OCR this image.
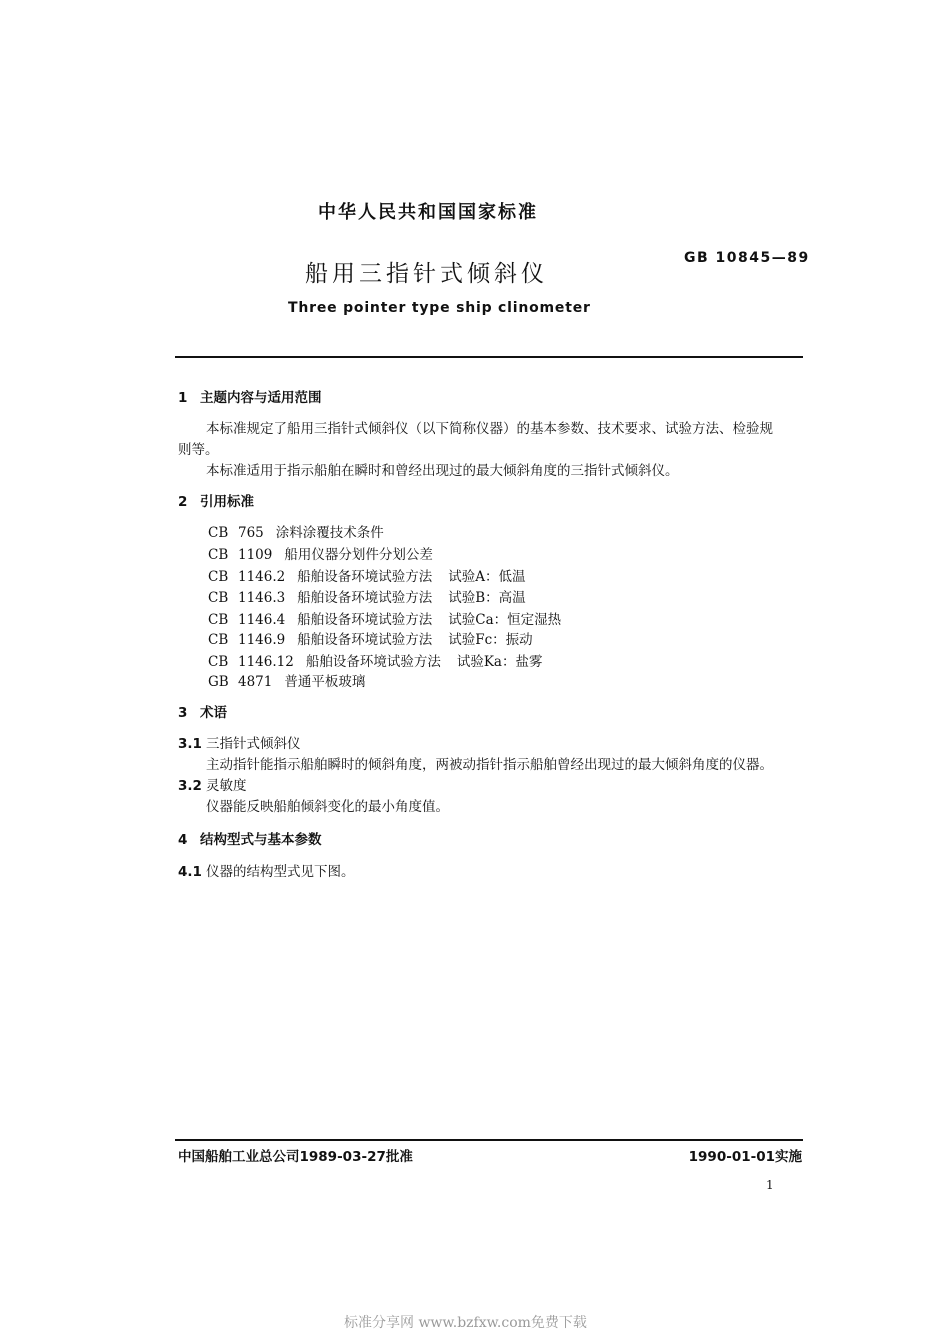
中华人民共和国国家标准
船用三指针式倾斜仪
GB 10845—89
Three pointer type ship clinometer
1 主题内容与适用范围
本标准规定了船用三指针式倾斜仪（以下简称仪器）的基本参数、技术要求、试验方法、检验规
则等。
本标准适用于指示船舶在瞬时和曾经出现过的最大倾斜角度的三指针式倾斜仪。
2 引用标准
CB 765 涂料涂覆技术条件
CB 1109 船用仪器分划件分划公差
CB 1146.2 船舶设备环境试验方法 试验A：低温
CB 1146.3 船舶设备环境试验方法 试验B：高温
CB 1146.4 船舶设备环境试验方法 试验Ca：恒定湿热
CB 1146.9 船舶设备环境试验方法 试验Fc：振动
CB 1146.12 船舶设备环境试验方法 试验Ka：盐雾
GB 4871 普通平板玻璃
3 术语
3.1 三指针式倾斜仪
主动指针能指示船舶瞬时的倾斜角度，两被动指针指示船舶曾经出现过的最大倾斜角度的仪器。
3.2 灵敏度
仪器能反映船舶倾斜变化的最小角度值。
4 结构型式与基本参数
4.1 仪器的结构型式见下图。
中国船舶工业总公司1989-03-27批准	1990-01-01实施
1
标准分享网 www.bzfxw.com免费下载
